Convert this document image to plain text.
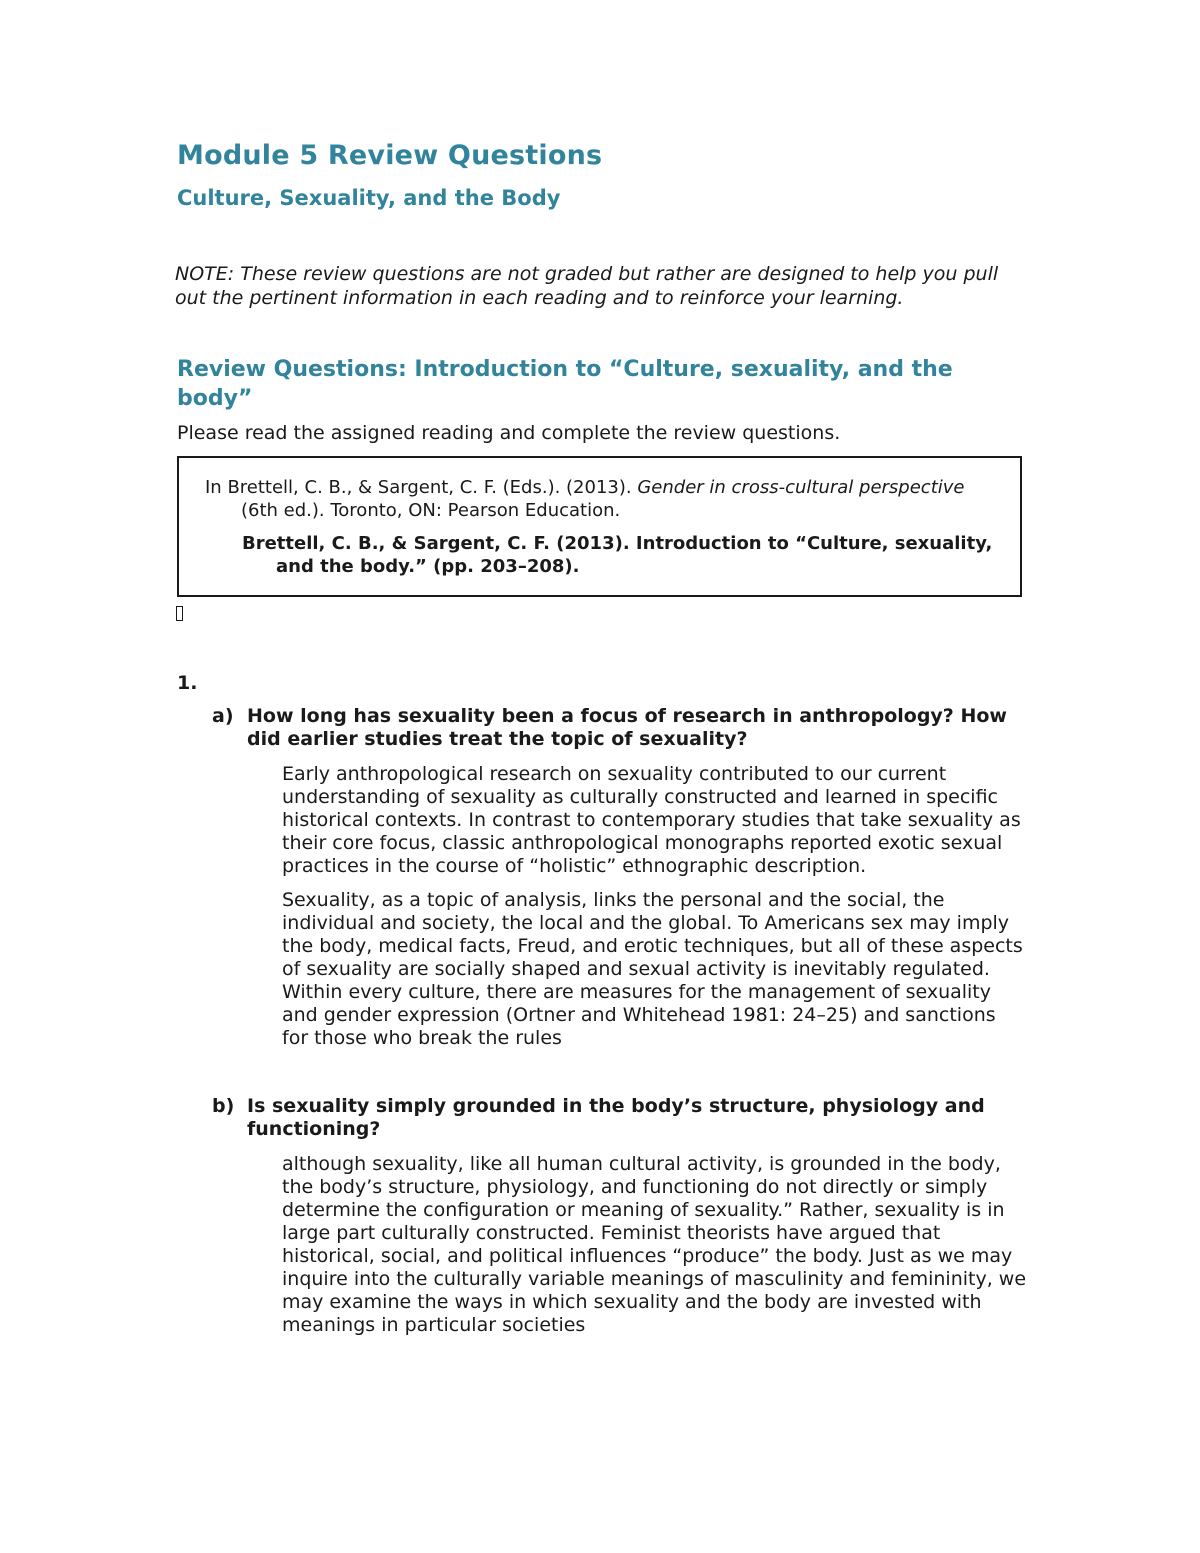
Module 5 Review Questions
Culture, Sexuality, and the Body

NOTE: These review questions are not graded but rather are designed to help you pull out the pertinent information in each reading and to reinforce your learning.

Review Questions: Introduction to “Culture, sexuality, and the body”

Please read the assigned reading and complete the review questions.

In Brettell, C. B., & Sargent, C. F. (Eds.). (2013). Gender in cross-cultural perspective      (6th ed.). Toronto, ON: Pearson Education.

Brettell, C. B., & Sargent, C. F. (2013). Introduction to “Culture, sexuality, and the body.” (pp. 203–208).

1.

a) How long has sexuality been a focus of research in anthropology? How did earlier studies treat the topic of sexuality?

Early anthropological research on sexuality contributed to our current understanding of sexuality as culturally constructed and learned in specific historical contexts. In contrast to contemporary studies that take sexuality as their core focus, classic anthropological monographs reported exotic sexual practices in the course of “holistic” ethnographic description.

Sexuality, as a topic of analysis, links the personal and the social, the individual and society, the local and the global. To Americans sex may imply the body, medical facts, Freud, and erotic techniques, but all of these aspects of sexuality are socially shaped and sexual activity is inevitably regulated. Within every culture, there are measures for the management of sexuality and gender expression (Ortner and Whitehead 1981: 24–25) and sanctions for those who break the rules

b) Is sexuality simply grounded in the body’s structure, physiology and functioning?

although sexuality, like all human cultural activity, is grounded in the body, the body’s structure, physiology, and functioning do not directly or simply determine the configuration or meaning of sexuality.” Rather, sexuality is in large part culturally constructed. Feminist theorists have argued that historical, social, and political influences “produce” the body. Just as we may inquire into the culturally variable meanings of masculinity and femininity, we may examine the ways in which sexuality and the body are invested with meanings in particular societies
